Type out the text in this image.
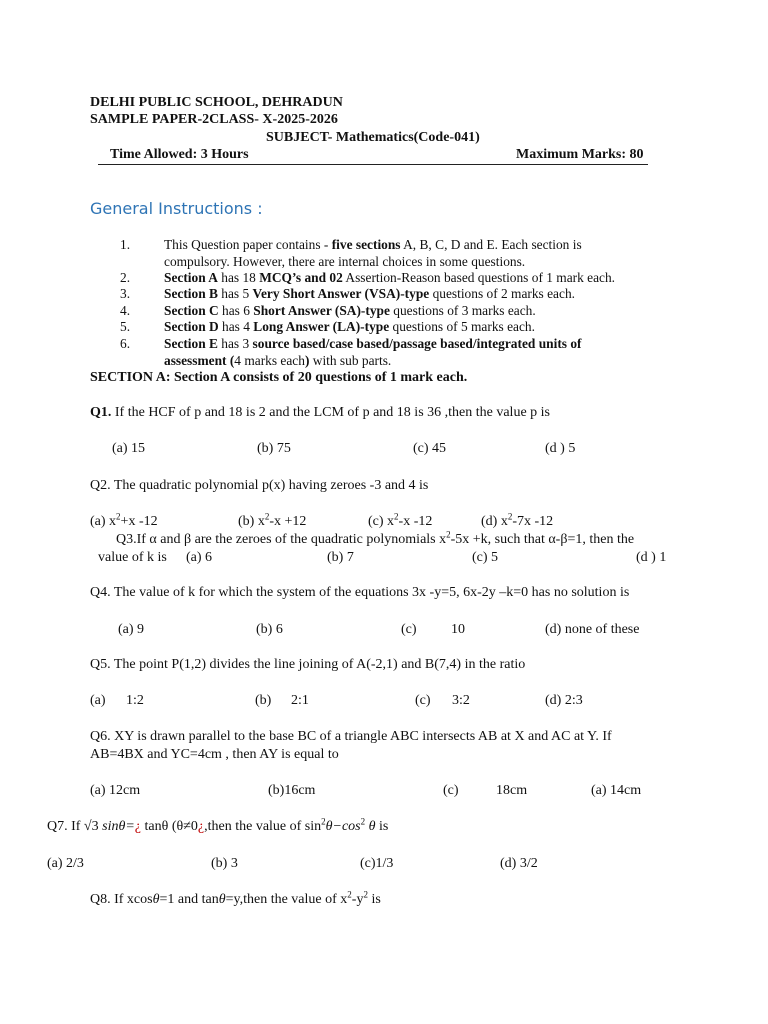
DELHI PUBLIC SCHOOL, DEHRADUN
SAMPLE PAPER-2CLASS- X-2025-2026
SUBJECT- Mathematics(Code-041)
Time Allowed: 3 Hours	Maximum Marks: 80
General Instructions :
1.	This Question paper contains - five sections A, B, C, D and E. Each section is compulsory. However, there are internal choices in some questions.
2.	Section A has 18 MCQ’s and 02 Assertion-Reason based questions of 1 mark each.
3.	Section B has 5 Very Short Answer (VSA)-type questions of 2 marks each.
4.	Section C has 6 Short Answer (SA)-type questions of 3 marks each.
5.	Section D has 4 Long Answer (LA)-type questions of 5 marks each.
6.	Section E has 3 source based/case based/passage based/integrated units of assessment (4 marks each) with sub parts.
SECTION A: Section A consists of 20 questions of 1 mark each.
Q1. If the HCF of p and 18 is 2 and the LCM of p and 18 is 36 ,then the value p is
(a) 15	(b) 75	(c) 45	(d ) 5
Q2. The quadratic polynomial p(x) having zeroes -3 and 4 is
(a) $x^2+x$ -12	(b) $x^2-x +12$	(c) $x^2-x$ -12	(d) $x^2-7x$ -12
Q3.If α and β are the zeroes of the quadratic polynomials $x^2-5x +k$, such that α-β=1, then the
value of k is (a) 6	(b) 7	(c) 5	(d ) 1
Q4. The value of k for which the system of the equations 3x -y=5, 6x-2y –k=0 has no solution is
(a) 9	(b) 6	(c) 10	(d) none of these
Q5. The point P(1,2) divides the line joining of A(-2,1) and B(7,4) in the ratio
(a) 1:2	(b) 2:1	(c) 3:2	(d) 2:3
Q6. XY is drawn parallel to the base BC of a triangle ABC intersects AB at X and AC at Y. If
AB=4BX and YC=4cm , then AY is equal to
(a) 12cm	(b)16cm	(c)	18cm	(a) 14cm
Q7. If √3 sinθ=¿ tanθ (θ≠0¿,then the value of $\sin^2\theta-\cos^2$ θ is
(a) 2/3	(b) 3	(c)1/3	(d) 3/2
Q8. If xcosθ=1 and tanθ=y,then the value of $x^2-y^2$ is
